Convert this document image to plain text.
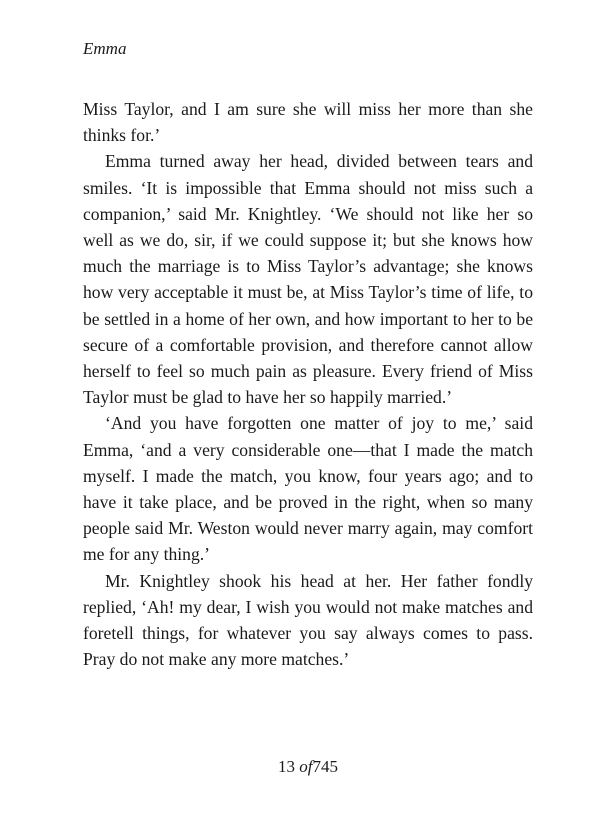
Emma

Miss Taylor, and I am sure she will miss her more than she thinks for.’

Emma turned away her head, divided between tears and smiles. ‘It is impossible that Emma should not miss such a companion,’ said Mr. Knightley. ‘We should not like her so well as we do, sir, if we could suppose it; but she knows how much the marriage is to Miss Taylor’s advantage; she knows how very acceptable it must be, at Miss Taylor’s time of life, to be settled in a home of her own, and how important to her to be secure of a comfortable provision, and therefore cannot allow herself to feel so much pain as pleasure. Every friend of Miss Taylor must be glad to have her so happily married.’

‘And you have forgotten one matter of joy to me,’ said Emma, ‘and a very considerable one—that I made the match myself. I made the match, you know, four years ago; and to have it take place, and be proved in the right, when so many people said Mr. Weston would never marry again, may comfort me for any thing.’

Mr. Knightley shook his head at her. Her father fondly replied, ‘Ah! my dear, I wish you would not make matches and foretell things, for whatever you say always comes to pass. Pray do not make any more matches.’

13 of745
